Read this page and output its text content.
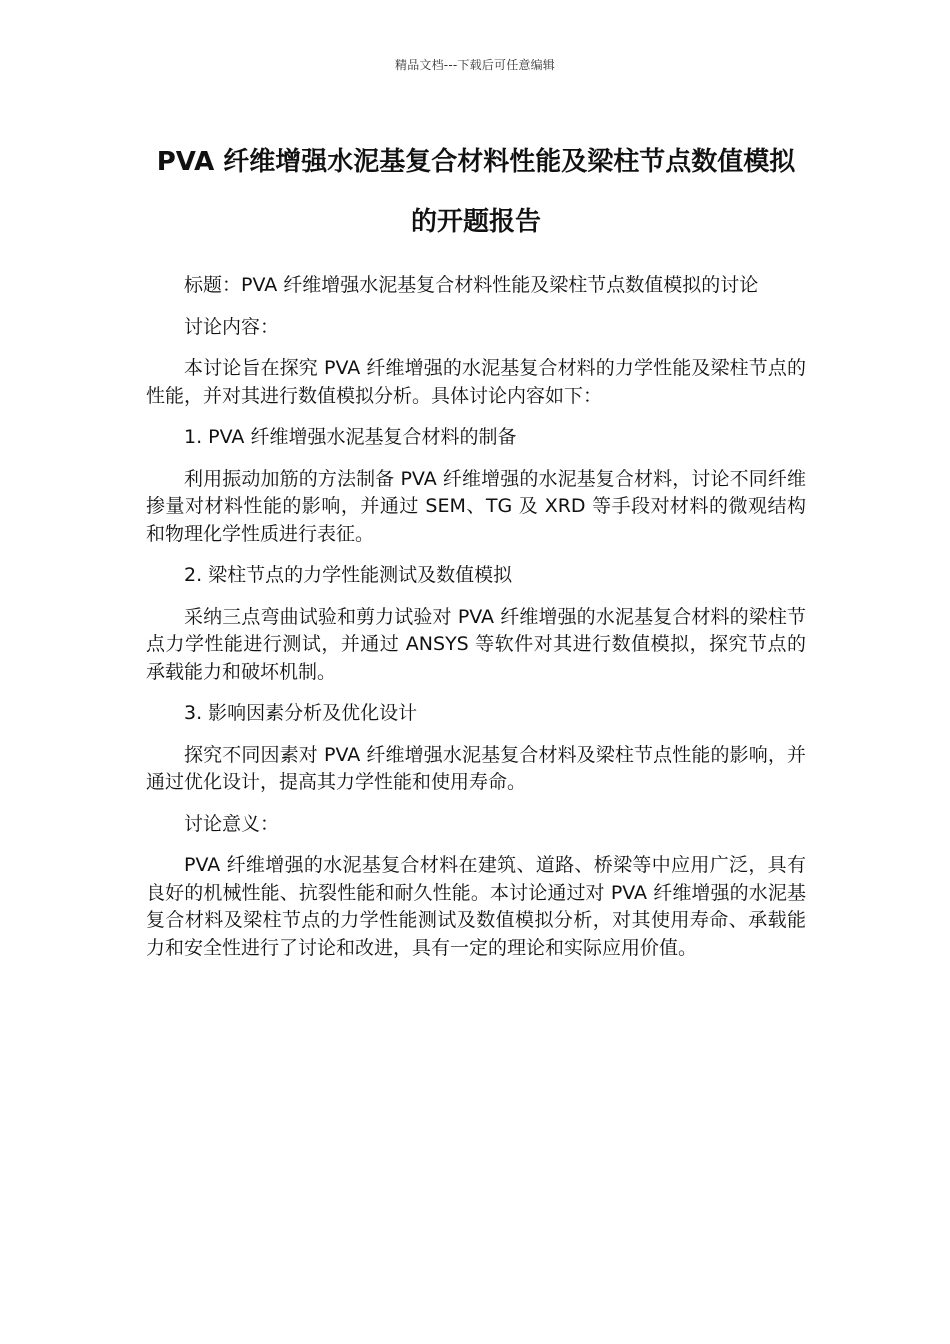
精品文档---下载后可任意编辑
PVA 纤维增强水泥基复合材料性能及梁柱节点数值模拟的开题报告

标题：PVA 纤维增强水泥基复合材料性能及梁柱节点数值模拟的讨论

讨论内容：

本讨论旨在探究 PVA 纤维增强的水泥基复合材料的力学性能及梁柱节点的性能，并对其进行数值模拟分析。具体讨论内容如下：

1. PVA 纤维增强水泥基复合材料的制备

利用振动加筋的方法制备 PVA 纤维增强的水泥基复合材料，讨论不同纤维掺量对材料性能的影响，并通过 SEM、TG 及 XRD 等手段对材料的微观结构和物理化学性质进行表征。

2. 梁柱节点的力学性能测试及数值模拟

采纳三点弯曲试验和剪力试验对 PVA 纤维增强的水泥基复合材料的梁柱节点力学性能进行测试，并通过 ANSYS 等软件对其进行数值模拟，探究节点的承载能力和破坏机制。

3. 影响因素分析及优化设计

探究不同因素对 PVA 纤维增强水泥基复合材料及梁柱节点性能的影响，并通过优化设计，提高其力学性能和使用寿命。

讨论意义：

PVA 纤维增强的水泥基复合材料在建筑、道路、桥梁等中应用广泛，具有良好的机械性能、抗裂性能和耐久性能。本讨论通过对 PVA 纤维增强的水泥基复合材料及梁柱节点的力学性能测试及数值模拟分析，对其使用寿命、承载能力和安全性进行了讨论和改进，具有一定的理论和实际应用价值。
